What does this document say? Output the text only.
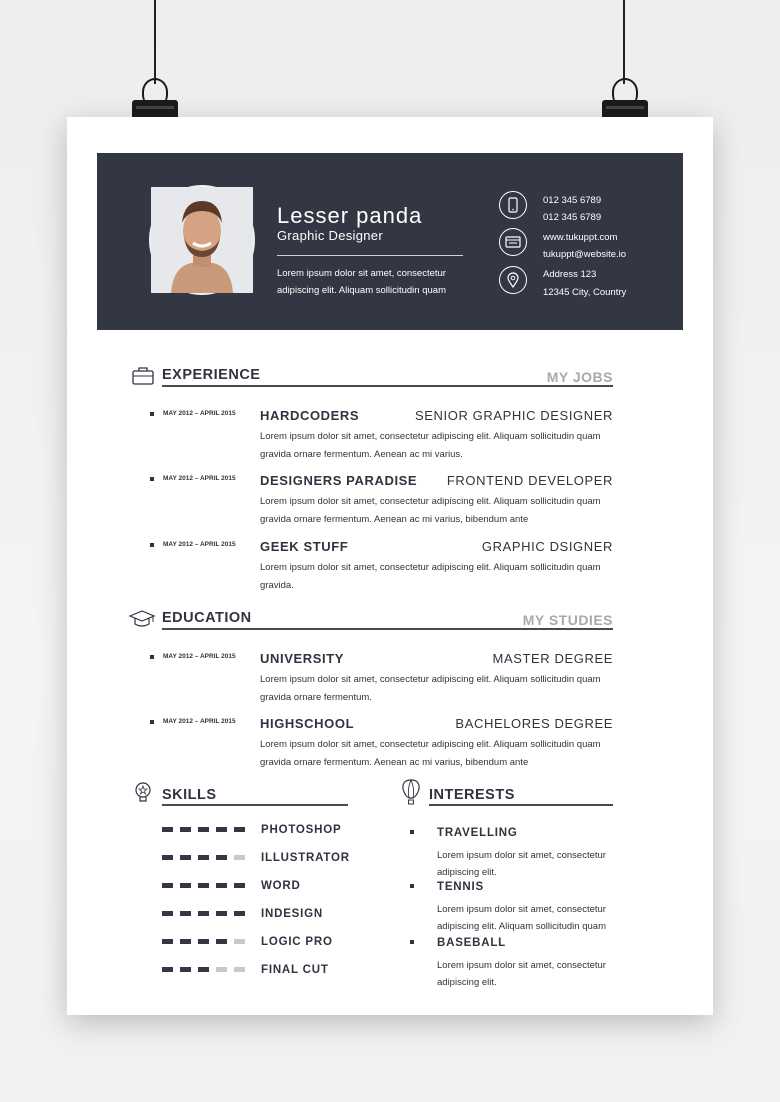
Lesser panda
Graphic Designer
Lorem ipsum dolor sit amet, consectetur adipiscing elit. Aliquam sollicitudin quam
012 345 6789
012 345 6789
www.tukuppt.com
tukuppt@website.io
Address 123
12345 City, Country
EXPERIENCE	MY JOBS
MAY 2012 – APRIL 2015 HARDCODERS	SENIOR GRAPHIC DESIGNER
Lorem ipsum dolor sit amet, consectetur adipiscing elit. Aliquam sollicitudin quam gravida ornare fermentum. Aenean ac mi varius.
MAY 2012 – APRIL 2015 DESIGNERS PARADISE FRONTEND DEVELOPER
Lorem ipsum dolor sit amet, consectetur adipiscing elit. Aliquam sollicitudin quam gravida ornare fermentum. Aenean ac mi varius, bibendum ante
MAY 2012 – APRIL 2015 GEEK STUFF	GRAPHIC DSIGNER
Lorem ipsum dolor sit amet, consectetur adipiscing elit. Aliquam sollicitudin quam gravida.
EDUCATION	MY STUDIES
MAY 2012 – APRIL 2015 UNIVERSITY	MASTER DEGREE
Lorem ipsum dolor sit amet, consectetur adipiscing elit. Aliquam sollicitudin quam gravida ornare fermentum.
MAY 2012 – APRIL 2015 HIGHSCHOOL	BACHELORES DEGREE
Lorem ipsum dolor sit amet, consectetur adipiscing elit. Aliquam sollicitudin quam gravida ornare fermentum. Aenean ac mi varius, bibendum ante
SKILLS
PHOTOSHOP
ILLUSTRATOR
WORD
INDESIGN
LOGIC PRO
FINAL CUT
INTERESTS
TRAVELLING
Lorem ipsum dolor sit amet, consectetur adipiscing elit.
TENNIS
Lorem ipsum dolor sit amet, consectetur adipiscing elit. Aliquam sollicitudin quam
BASEBALL
Lorem ipsum dolor sit amet, consectetur adipiscing elit.
